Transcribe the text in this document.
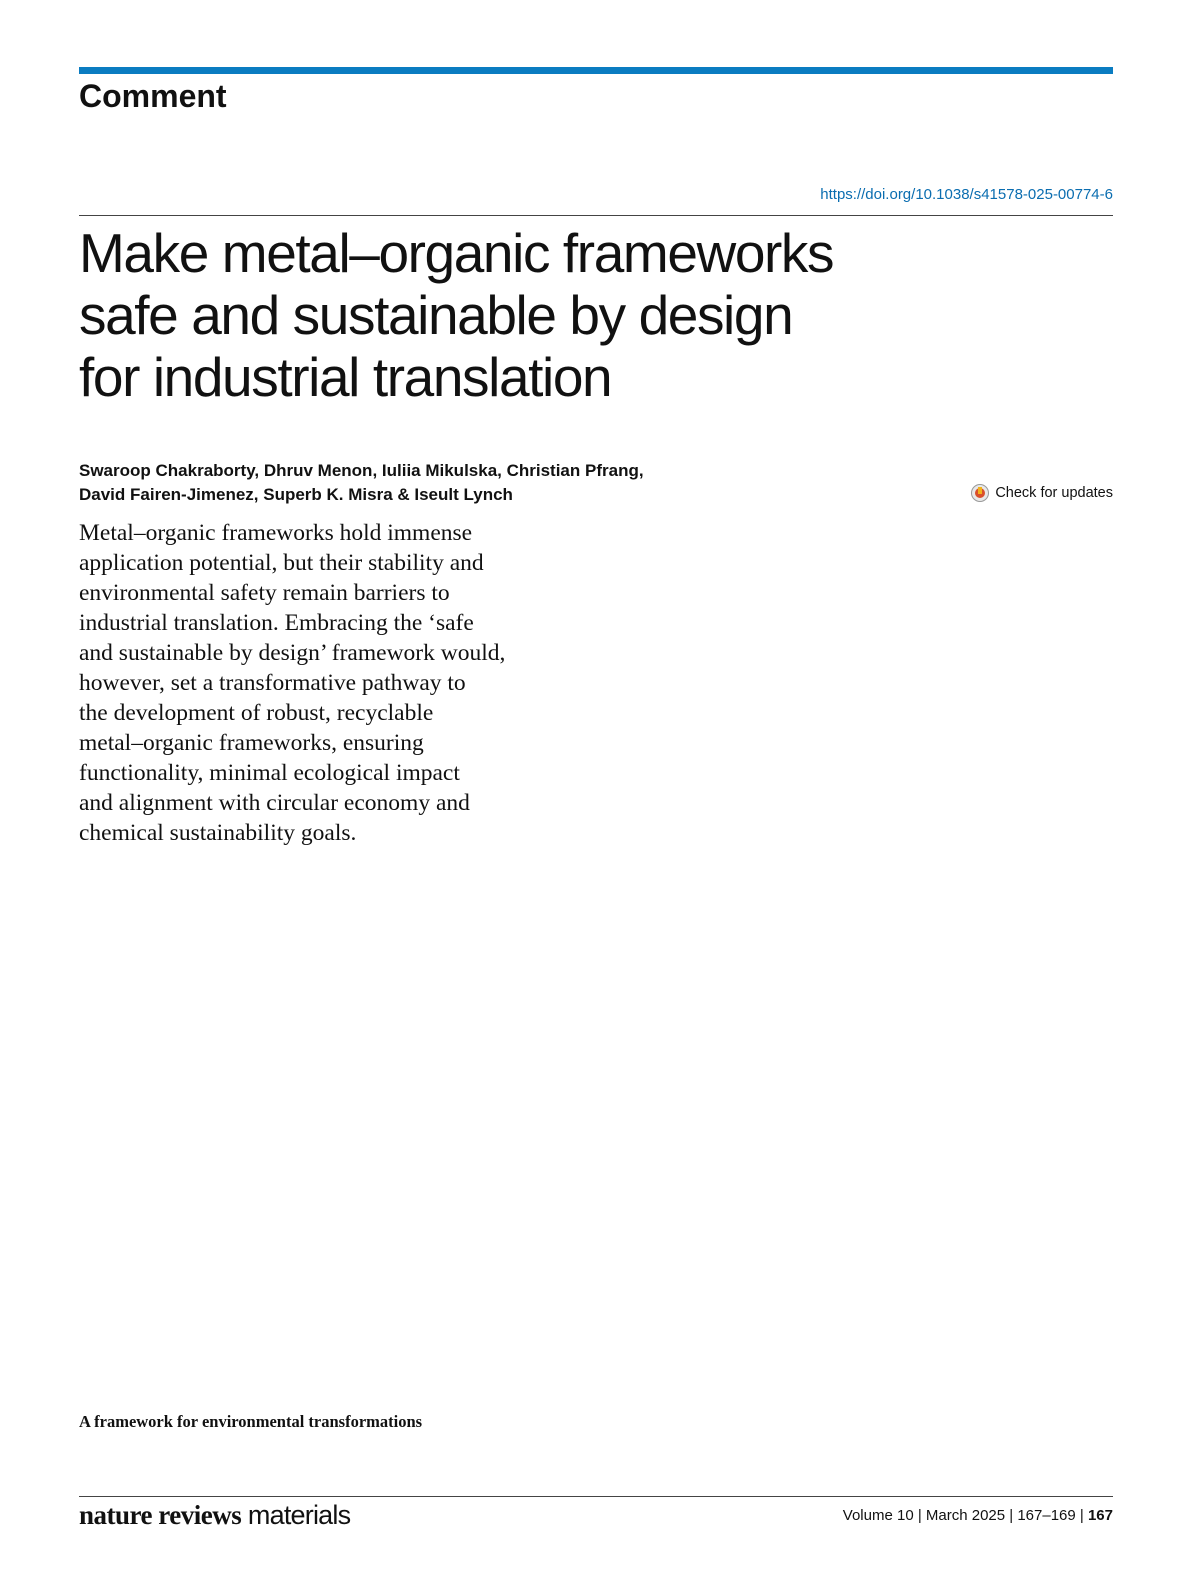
Comment
https://doi.org/10.1038/s41578-025-00774-6
Make metal–organic frameworks
safe and sustainable by design
for industrial translation
Swaroop Chakraborty, Dhruv Menon, Iuliia Mikulska, Christian Pfrang,
David Fairen-Jimenez, Superb K. Misra & Iseult Lynch	Check for updates
Metal–organic frameworks hold immense
application potential, but their stability and
environmental safety remain barriers to
industrial translation. Embracing the ‘safe
and sustainable by design’ framework would,
however, set a transformative pathway to
the development of robust, recyclable
metal–organic frameworks, ensuring
functionality, minimal ecological impact
and alignment with circular economy and
chemical sustainability goals.
A framework for environmental transformations
nature reviews materials	Volume 10 | March 2025 | 167–169 | 167
